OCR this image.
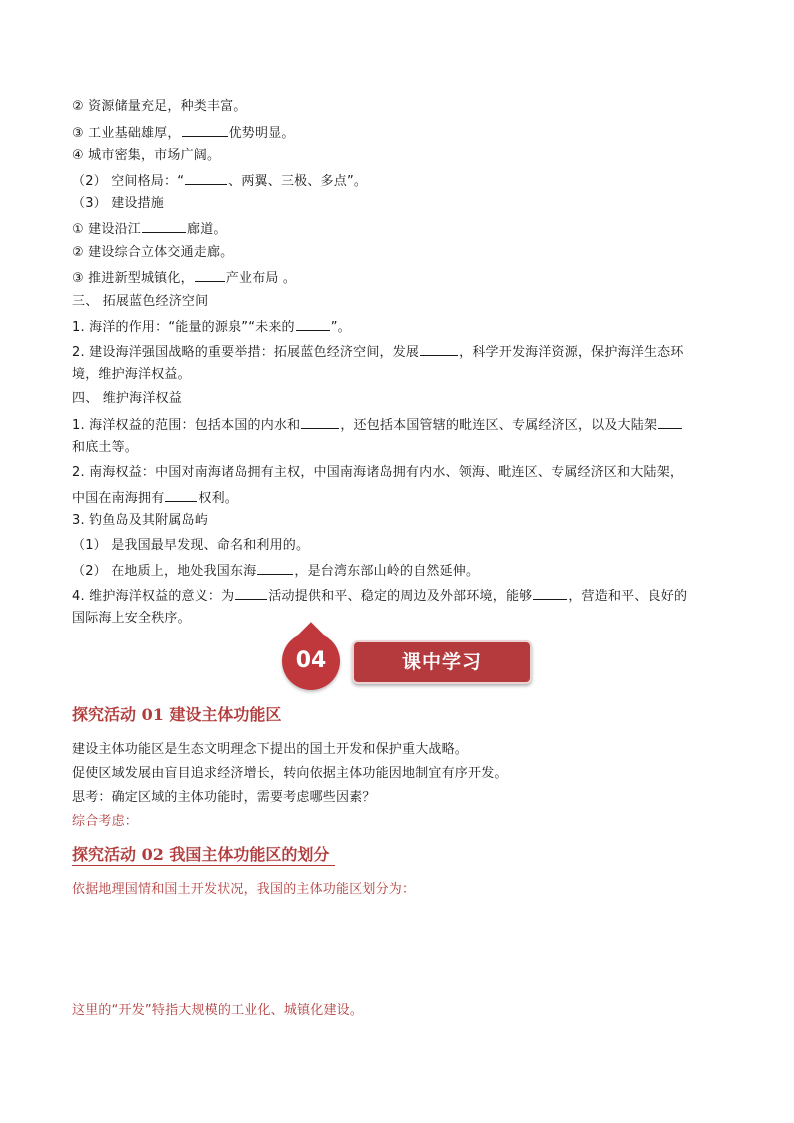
② 资源储量充足，种类丰富。
③ 工业基础雄厚，	优势明显。
④ 城市密集，市场广阔。
（2） 空间格局：“	、两翼、三极、多点”。
（3） 建设措施
① 建设沿江	廊道。
② 建设综合立体交通走廊。
③ 推进新型城镇化， 产业布局 。
三、 拓展蓝色经济空间
1. 海洋的作用：“能量的源泉”“未来的	”。
2. 建设海洋强国战略的重要举措：拓展蓝色经济空间，发展	，科学开发海洋资源，保护海洋生态环
境，维护海洋权益。
四、 维护海洋权益
1. 海洋权益的范围：包括本国的内水和	，还包括本国管辖的毗连区、专属经济区，以及大陆架
和底土等。
2. 南海权益：中国对南海诸岛拥有主权，中国南海诸岛拥有内水、领海、毗连区、专属经济区和大陆架，
中国在南海拥有	权利。
3. 钓鱼岛及其附属岛屿
（1） 是我国最早发现、命名和利用的。
（2） 在地质上，地处我国东海	，是台湾东部山岭的自然延伸。
4. 维护海洋权益的意义：为	活动提供和平、稳定的周边及外部环境，能够	，营造和平、良好的
国际海上安全秩序。
04	课中学习
探究活动 01 建设主体功能区
建设主体功能区是生态文明理念下提出的国土开发和保护重大战略。
促使区域发展由盲目追求经济增长，转向依据主体功能因地制宜有序开发。
思考：确定区域的主体功能时，需要考虑哪些因素？
综合考虑：
探究活动 02 我国主体功能区的划分
依据地理国情和国土开发状况，我国的主体功能区划分为：
这里的“开发”特指大规模的工业化、城镇化建设。
